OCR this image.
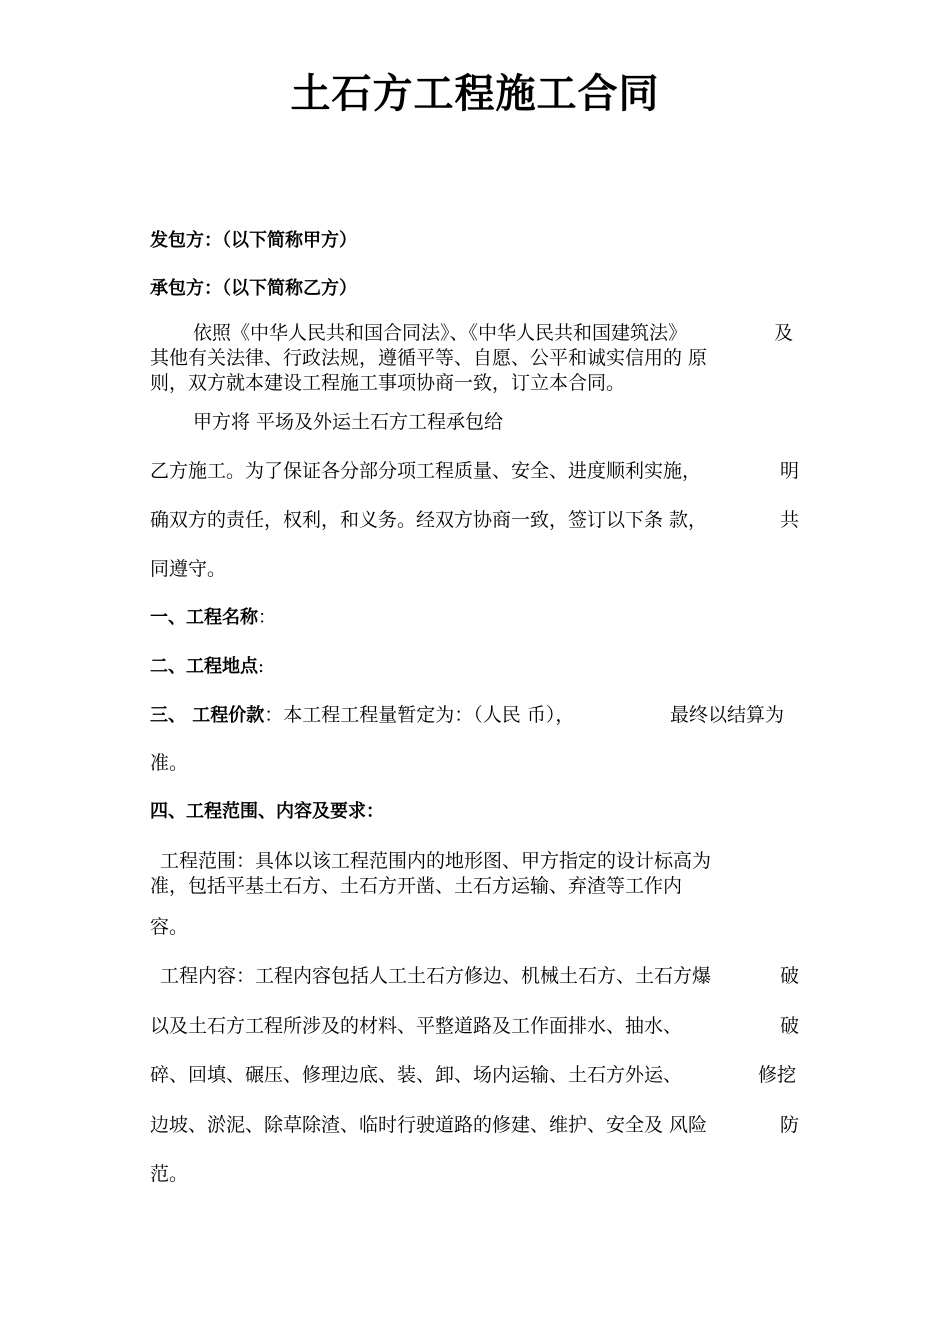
土石方工程施工合同
发包方：（以下简称甲方）
承包方：（以下简称乙方）
依照《中华人民共和国合同法》、《中华人民共和国建筑法》	及
其他有关法律、行政法规，遵循平等、自愿、公平和诚实信用的 原
则，双方就本建设工程施工事项协商一致，订立本合同。
甲方将 平场及外运土石方工程承包给
乙方施工。为了保证各分部分项工程质量、安全、进度顺利实施，	明
确双方的责任，权利，和义务。经双方协商一致，签订以下条 款，	共
同遵守。
一、工程名称：
二、工程地点:
三、 工程价款：本工程工程量暂定为：（人民 币），	最终以结算为
准。
四、工程范围、内容及要求：
工程范围：具体以该工程范围内的地形图、甲方指定的设计标高为
准，包括平基土石方、土石方开凿、土石方运输、弃渣等工作内
容。
工程内容：工程内容包括人工土石方修边、机械土石方、土石方爆	破
以及土石方工程所涉及的材料、平整道路及工作面排水、抽水、	破
碎、回填、碾压、修理边底、装、卸、场内运输、土石方外运、	修挖
边坡、淤泥、除草除渣、临时行驶道路的修建、维护、安全及 风险	防
范。
